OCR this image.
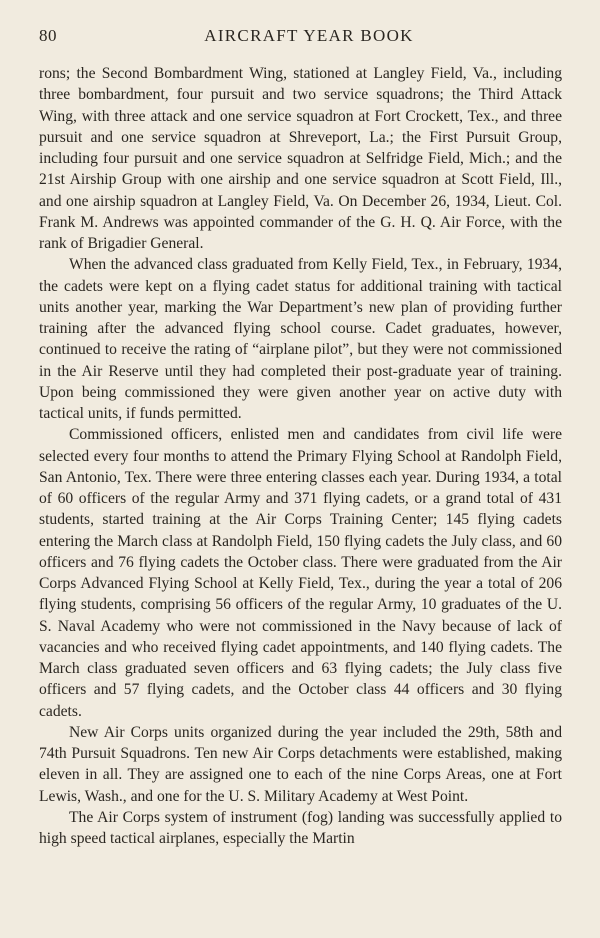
80	AIRCRAFT YEAR BOOK

rons; the Second Bombardment Wing, stationed at Langley Field, Va., including three bombardment, four pursuit and two service squadrons; the Third Attack Wing, with three attack and one service squadron at Fort Crockett, Tex., and three pursuit and one service squadron at Shreveport, La.; the First Pursuit Group, including four pursuit and one service squadron at Selfridge Field, Mich.; and the 21st Airship Group with one airship and one service squadron at Scott Field, Ill., and one airship squadron at Langley Field, Va. On December 26, 1934, Lieut. Col. Frank M. Andrews was appointed commander of the G. H. Q. Air Force, with the rank of Brigadier General.

When the advanced class graduated from Kelly Field, Tex., in February, 1934, the cadets were kept on a flying cadet status for additional training with tactical units another year, marking the War Department’s new plan of providing further training after the advanced flying school course. Cadet graduates, however, continued to receive the rating of “airplane pilot”, but they were not commissioned in the Air Reserve until they had completed their post-graduate year of training. Upon being commissioned they were given another year on active duty with tactical units, if funds permitted.

Commissioned officers, enlisted men and candidates from civil life were selected every four months to attend the Primary Flying School at Randolph Field, San Antonio, Tex. There were three entering classes each year. During 1934, a total of 60 officers of the regular Army and 371 flying cadets, or a grand total of 431 students, started training at the Air Corps Training Center; 145 flying cadets entering the March class at Randolph Field, 150 flying cadets the July class, and 60 officers and 76 flying cadets the October class. There were graduated from the Air Corps Advanced Flying School at Kelly Field, Tex., during the year a total of 206 flying students, comprising 56 officers of the regular Army, 10 graduates of the U. S. Naval Academy who were not commissioned in the Navy because of lack of vacancies and who received flying cadet appointments, and 140 flying cadets. The March class graduated seven officers and 63 flying cadets; the July class five officers and 57 flying cadets, and the October class 44 officers and 30 flying cadets.

New Air Corps units organized during the year included the 29th, 58th and 74th Pursuit Squadrons. Ten new Air Corps detachments were established, making eleven in all. They are assigned one to each of the nine Corps Areas, one at Fort Lewis, Wash., and one for the U. S. Military Academy at West Point.

The Air Corps system of instrument (fog) landing was successfully applied to high speed tactical airplanes, especially the Martin
